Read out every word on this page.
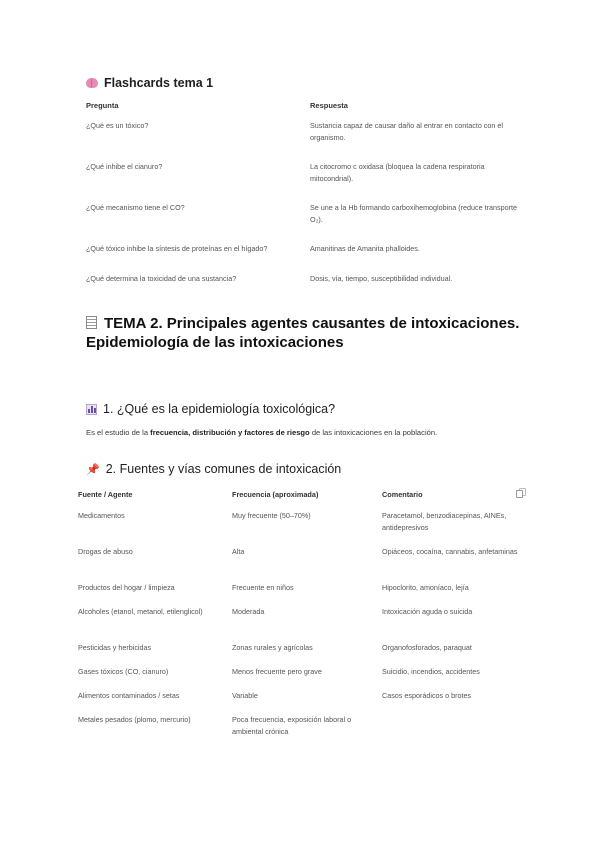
Flashcards tema 1
Pregunta	Respuesta
¿Qué es un tóxico?	Sustancia capaz de causar daño al entrar en contacto con el organismo.
¿Qué inhibe el cianuro?	La citocromo c oxidasa (bloquea la cadena respiratoria mitocondrial).
¿Qué mecanismo tiene el CO?	Se une a la Hb formando carboxihemoglobina (reduce transporte O₂).
¿Qué tóxico inhibe la síntesis de proteínas en el hígado?	Amanitinas de Amanita phalloides.
¿Qué determina la toxicidad de una sustancia?	Dosis, vía, tiempo, susceptibilidad individual.
TEMA 2. Principales agentes causantes de intoxicaciones. Epidemiología de las intoxicaciones
1. ¿Qué es la epidemiología toxicológica?
Es el estudio de la frecuencia, distribución y factores de riesgo de las intoxicaciones en la población.
📌 2. Fuentes y vías comunes de intoxicación
Fuente / Agente	Frecuencia (aproximada)	Comentario
Medicamentos	Muy frecuente (50–70%)	Paracetamol, benzodiacepinas, AINEs, antidepresivos
Drogas de abuso	Alta	Opiáceos, cocaína, cannabis, anfetaminas
Productos del hogar / limpieza	Frecuente en niños	Hipoclorito, amoníaco, lejía
Alcoholes (etanol, metanol, etilenglicol)	Moderada	Intoxicación aguda o suicida
Pesticidas y herbicidas	Zonas rurales y agrícolas	Organofosforados, paraquat
Gases tóxicos (CO, cianuro)	Menos frecuente pero grave	Suicidio, incendios, accidentes
Alimentos contaminados / setas	Variable	Casos esporádicos o brotes
Metales pesados (plomo, mercurio)	Poca frecuencia, exposición laboral o ambiental crónica	
